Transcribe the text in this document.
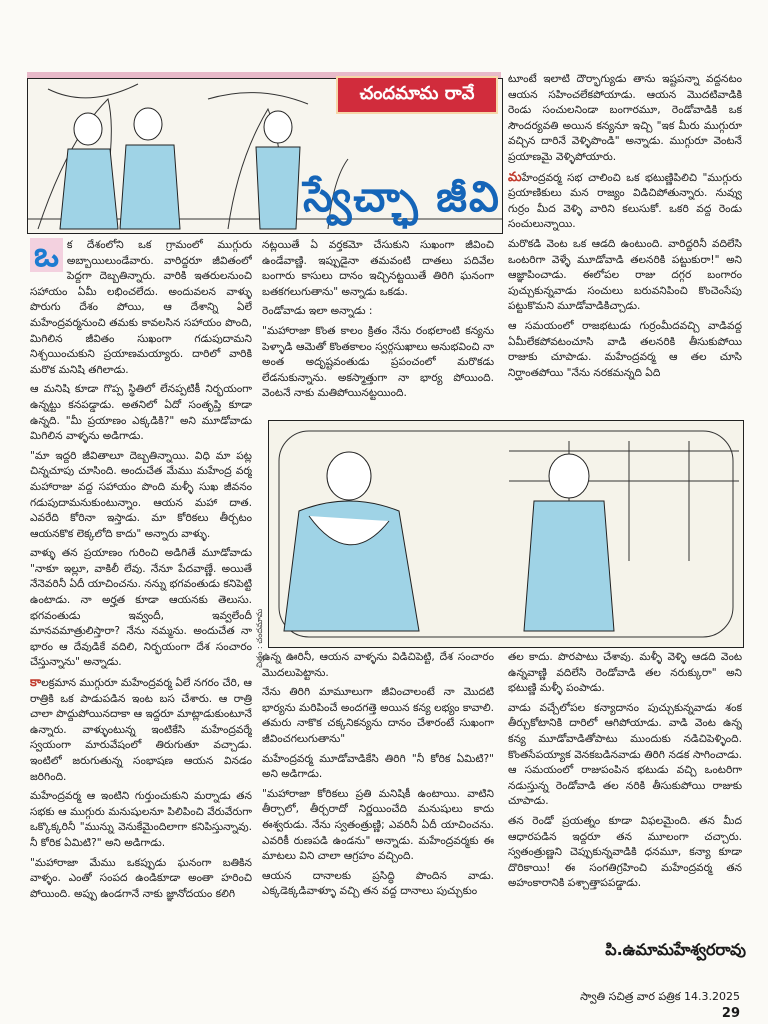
చందమామ రావే
స్వేచ్ఛా జీవి

ఒ క దేశంలోని ఒక గ్రామంలో ముగ్గురు అబ్బాయిలుండేవారు. వారిద్దరూ జీవితంలో పెద్దగా దెబ్బతిన్నారు. వారికి ఇతరులనుంచి సహాయం ఏమీ లభించలేదు. అందువలన వాళ్ళు పొరుగు దేశం పోయి, ఆ దేశాన్ని ఏలే మహేంద్రవర్మనుంచి తమకు కావలసిన సహాయం పొంది, మిగిలిన జీవితం సుఖంగా గడుపుదామని నిశ్చయించుకుని ప్రయాణమయ్యారు. దారిలో వారికి మరొక మనిషి తగిలాడు.

ఆ మనిషి కూడా గొప్ప స్థితిలో లేనప్పటికీ నిర్భయంగా ఉన్నట్టు కనపడ్డాడు. అతనిలో ఏదో సంతృప్తి కూడా ఉన్నది. "మీ ప్రయాణం ఎక్కడికి?" అని మూడోవాడు మిగిలిన వాళ్ళను అడిగాడు.

"మా ఇద్దరి జీవితాలూ దెబ్బతిన్నాయి. విధి మా పట్ల చిన్నచూపు చూసింది. అందుచేత మేము మహేంద్ర వర్మ మహారాజు వద్ద సహాయం పొంది మళ్ళీ సుఖ జీవనం గడుపుదామనుకుంటున్నాం. ఆయన మహా దాత. ఎవరేది కోరినా ఇస్తాడు. మా కోరికలు తీర్చటం ఆయనకొక లెక్కలోది కాదు" అన్నారు వాళ్ళు.

వాళ్ళు తన ప్రయాణం గురించి అడిగితే మూడోవాడు "నాకూ ఇల్లూ, వాకిలీ లేవు. నేనూ పేదవాణ్ణే. అయితే నేనెవరినీ ఏదీ యాచించను. నన్ను భగవంతుడు కనిపెట్టి ఉంటాడు. నా అర్హత కూడా ఆయనకు తెలుసు. భగవంతుడు ఇవ్వందీ, ఇవ్వలేందీ మానవమాత్రులిస్తారా? నేను నమ్మను. అందుచేత నా భారం ఆ దేవుడికే వదిలి, నిర్భయంగా దేశ సంచారం చేస్తున్నాను" అన్నాడు.

కాలక్రమాన ముగ్గురూ మహేంద్రవర్మ ఏలే నగరం చేరి, ఆ రాత్రికి ఒక పాడుపడిన ఇంట బస చేశారు. ఆ రాత్రి చాలా పొద్దుపోయినదాకా ఆ ఇద్దరూ మాట్లాడుకుంటూనే ఉన్నారు. వాళ్ళుంటున్న ఇంటికేసి మహేంద్రవర్మే స్వయంగా మారువేషంలో తిరుగుతూ వచ్చాడు. ఇంటిలో జరుగుతున్న సంభాషణ ఆయన వినడం జరిగింది.

మహేంద్రవర్మ ఆ ఇంటిని గుర్తుంచుకుని మర్నాడు తన సభకు ఆ ముగ్గురు మనుషులనూ పిలిపించి వేరువేరుగా ఒక్కొక్కరినీ "మున్ను వెనుకేమైందిలాగా కనిపిస్తున్నావు. నీ కోరిక ఏమిటి?" అని అడిగాడు.

"మహారాజా మేము ఒకప్పుడు ఘనంగా బతికిన వాళ్ళం. ఎంతో సంపద ఉండికూడా అంతా హరించి పోయింది. అప్పు ఉండగానే నాకు జ్ఞానోదయం కలిగి

నట్లయితే ఏ వర్తకమో చేసుకుని సుఖంగా జీవించి ఉండేవాణ్ణి. ఇప్పుడైనా తమవంటి దాతలు పదివేల బంగారు కాసులు దానం ఇచ్చినట్టయితే తిరిగి ఘనంగా బతకగలుగుతాను" అన్నాడు ఒకడు.

రెండోవాడు ఇలా అన్నాడు :

"మహారాజా కొంత కాలం క్రితం నేను రంభలాంటి కన్యను పెళ్ళాడి ఆమెతో కొంతకాలం స్వర్గసుఖాలు అనుభవించి నా అంత అదృష్టవంతుడు ప్రపంచంలో మరొకడు లేడనుకున్నాను. అకస్మాత్తుగా నా భార్య పోయింది. వెంటనే నాకు మతిపోయినట్టయింది.

టూంటే ఇలాటి దౌర్భాగ్యుడు తాను ఇష్టపన్నా వద్దనటం ఆయన సహించలేకపోయాడు. ఆయన మొదటివాడికి రెండు సంచులనిండా బంగారమూ, రెండోవాడికి ఒక సౌందర్యవతి అయిన కన్యనూ ఇచ్చి "ఇక మీరు ముగ్గురూ వచ్చిన దారినే వెళ్ళిపొండి" అన్నాడు. ముగ్గురూ వెంటనే ప్రయాణమై వెళ్ళిపోయారు.

మహేంద్రవర్మ సభ చాలించి ఒక భటుణ్ణిపిలిచి "ముగ్గురు ప్రయాణికులు మన రాజ్యం విడిచిపోతున్నారు. నువ్వు గుర్రం మీద వెళ్ళి వారిని కలుసుకో. ఒకరి వద్ద రెండు సంచులున్నాయి.

మరొకడి వెంట ఒక ఆడది ఉంటుంది. వారిద్దరినీ వదిలేసి ఒంటరిగా వెళ్ళే మూడోవాడి తలనరికి పట్టుకురా!" అని ఆజ్ఞాపించాడు. ఈలోపల రాజు దగ్గర బంగారం పుచ్చుకున్నవాడు సంచులు బరువనిపించి కొంచెంసేపు పట్టుకొమని మూడోవాడికిచ్చాడు.

ఆ సమయంలో రాజభటుడు గుర్రంమీదవచ్చి వాడివద్ద ఏమీలేకపోవటంచూసి వాడి తలనరికి తీసుకుపోయి రాజుకు చూపాడు. మహేంద్రవర్మ ఆ తల చూసి నిర్ఘాంతపోయి "నేను నరకమన్నది ఏది

చిత్రం : చందమామ

ఉన్న ఊరినీ, ఆయన వాళ్ళను విడిచిపెట్టి, దేశ సంచారం మొదలుపెట్టాను.

నేను తిరిగి మామూలుగా జీవించాలంటే నా మొదటి భార్యను మరిపించే అందగత్తె అయిన కన్య లభ్యం కావాలి. తమరు నాకొక చక్కనికన్యను దానం చేశారంటే సుఖంగా జీవించగలుగుతాను"

మహేంద్రవర్మ మూడోవాడికేసి తిరిగి "నీ కోరిక ఏమిటి?" అని అడిగాడు.

"మహారాజా కోరికలు ప్రతి మనిషికీ ఉంటాయి. వాటిని తీర్చాలో, తీర్చరాదో నిర్ణయించేది మనుషులు కాదు ఈశ్వరుడు. నేను స్వతంత్రుణ్ణి; ఎవరినీ ఏదీ యాచించను. ఎవరికీ రుణపడి ఉండను" అన్నాడు. మహేంద్రవర్మకు ఈ మాటలు విని చాలా ఆగ్రహం వచ్చింది.

ఆయన దానాలకు ప్రసిద్ధి పొందిన వాడు. ఎక్కడెక్కడివాళ్ళూ వచ్చి తన వద్ద దానాలు పుచ్చుకుం

తల కాదు. పొరపాటు చేశావు. మళ్ళీ వెళ్ళి ఆడది వెంట ఉన్నవాణ్ణి వదిలేసి రెండోవాడి తల నరుక్కురా" అని భటుణ్ణి మళ్ళీ పంపాడు.

వాడు వచ్చేలోపల కన్యాదానం పుచ్చుకున్నవాడు శంక తీర్చుకోటానికి దారిలో ఆగిపోయాడు. వాడి వెంట ఉన్న కన్య మూడోవాడితోపాటు ముందుకు నడిచిపెళ్ళింది. కొంతసేపయ్యాక వెనకబడినవాడు తిరిగి నడక సాగించాడు. ఆ సమయంలో రాజుపంపిన భటుడు వచ్చి ఒంటరిగా నడుస్తున్న రెండోవాడి తల నరికి తీసుకుపోయి రాజుకు చూపాడు.

తన రెండో ప్రయత్నం కూడా విఫలమైంది. తన మీద ఆధారపడిన ఇద్దరూ తన మూలంగా చచ్చారు. స్వతంత్రుణ్ణని చెప్పుకున్నవాడికి ధనమూ, కన్యా కూడా దొరికాయి! ఈ సంగతిగ్రహించి మహేంద్రవర్మ తన అహంకారానికి పశ్చాత్తాపపడ్డాడు.

పి.ఉమామహేశ్వరరావు
స్వాతి సచిత్ర వార పత్రిక 14.3.2025 29
